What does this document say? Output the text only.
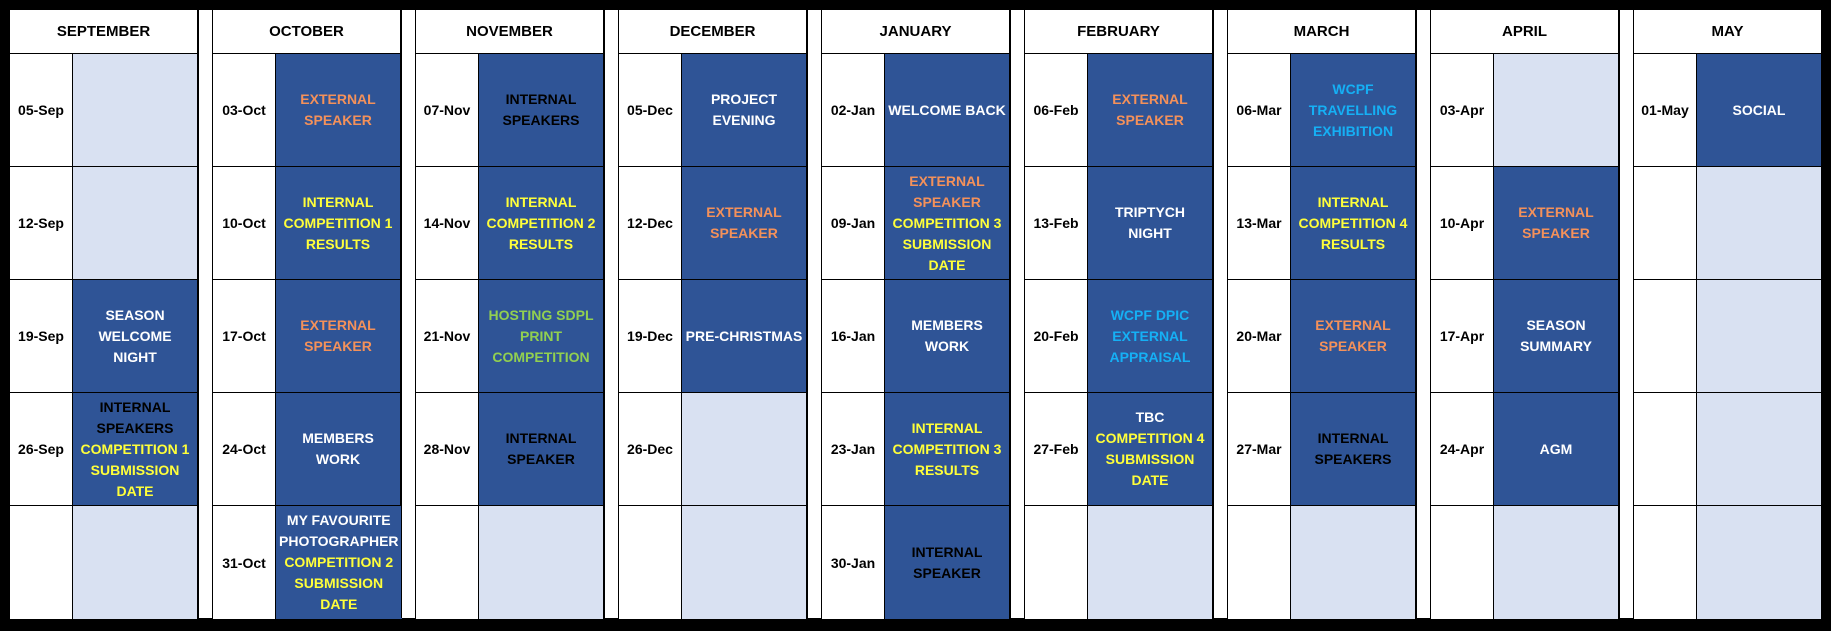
SEPTEMBER
05-Sep
12-Sep
19-Sep
SEASON
WELCOME
NIGHT
26-Sep
INTERNAL
SPEAKERS
COMPETITION 1
SUBMISSION
DATE
OCTOBER
03-Oct
EXTERNAL
SPEAKER
10-Oct
INTERNAL
COMPETITION 1
RESULTS
17-Oct
EXTERNAL
SPEAKER
24-Oct
MEMBERS
WORK
31-Oct
MY FAVOURITE
PHOTOGRAPHER
COMPETITION 2
SUBMISSION
DATE
NOVEMBER
07-Nov
INTERNAL
SPEAKERS
14-Nov
INTERNAL
COMPETITION 2
RESULTS
21-Nov
HOSTING SDPL
PRINT
COMPETITION
28-Nov
INTERNAL
SPEAKER
DECEMBER
05-Dec
PROJECT
EVENING
12-Dec
EXTERNAL
SPEAKER
19-Dec PRE-CHRISTMAS
26-Dec
JANUARY
02-Jan WELCOME BACK
09-Jan
EXTERNAL
SPEAKER
COMPETITION 3
SUBMISSION
DATE
16-Jan
MEMBERS
WORK
23-Jan
INTERNAL
COMPETITION 3
RESULTS
30-Jan
INTERNAL
SPEAKER
FEBRUARY
06-Feb
EXTERNAL
SPEAKER
13-Feb
TRIPTYCH
NIGHT
20-Feb
WCPF DPIC
EXTERNAL
APPRAISAL
27-Feb
TBC
COMPETITION 4
SUBMISSION
DATE
MARCH
06-Mar
WCPF
TRAVELLING
EXHIBITION
13-Mar
INTERNAL
COMPETITION 4
RESULTS
20-Mar
EXTERNAL
SPEAKER
27-Mar
INTERNAL
SPEAKERS
APRIL
03-Apr
10-Apr
EXTERNAL
SPEAKER
17-Apr
SEASON
SUMMARY
24-Apr	AGM
MAY
01-May	SOCIAL
